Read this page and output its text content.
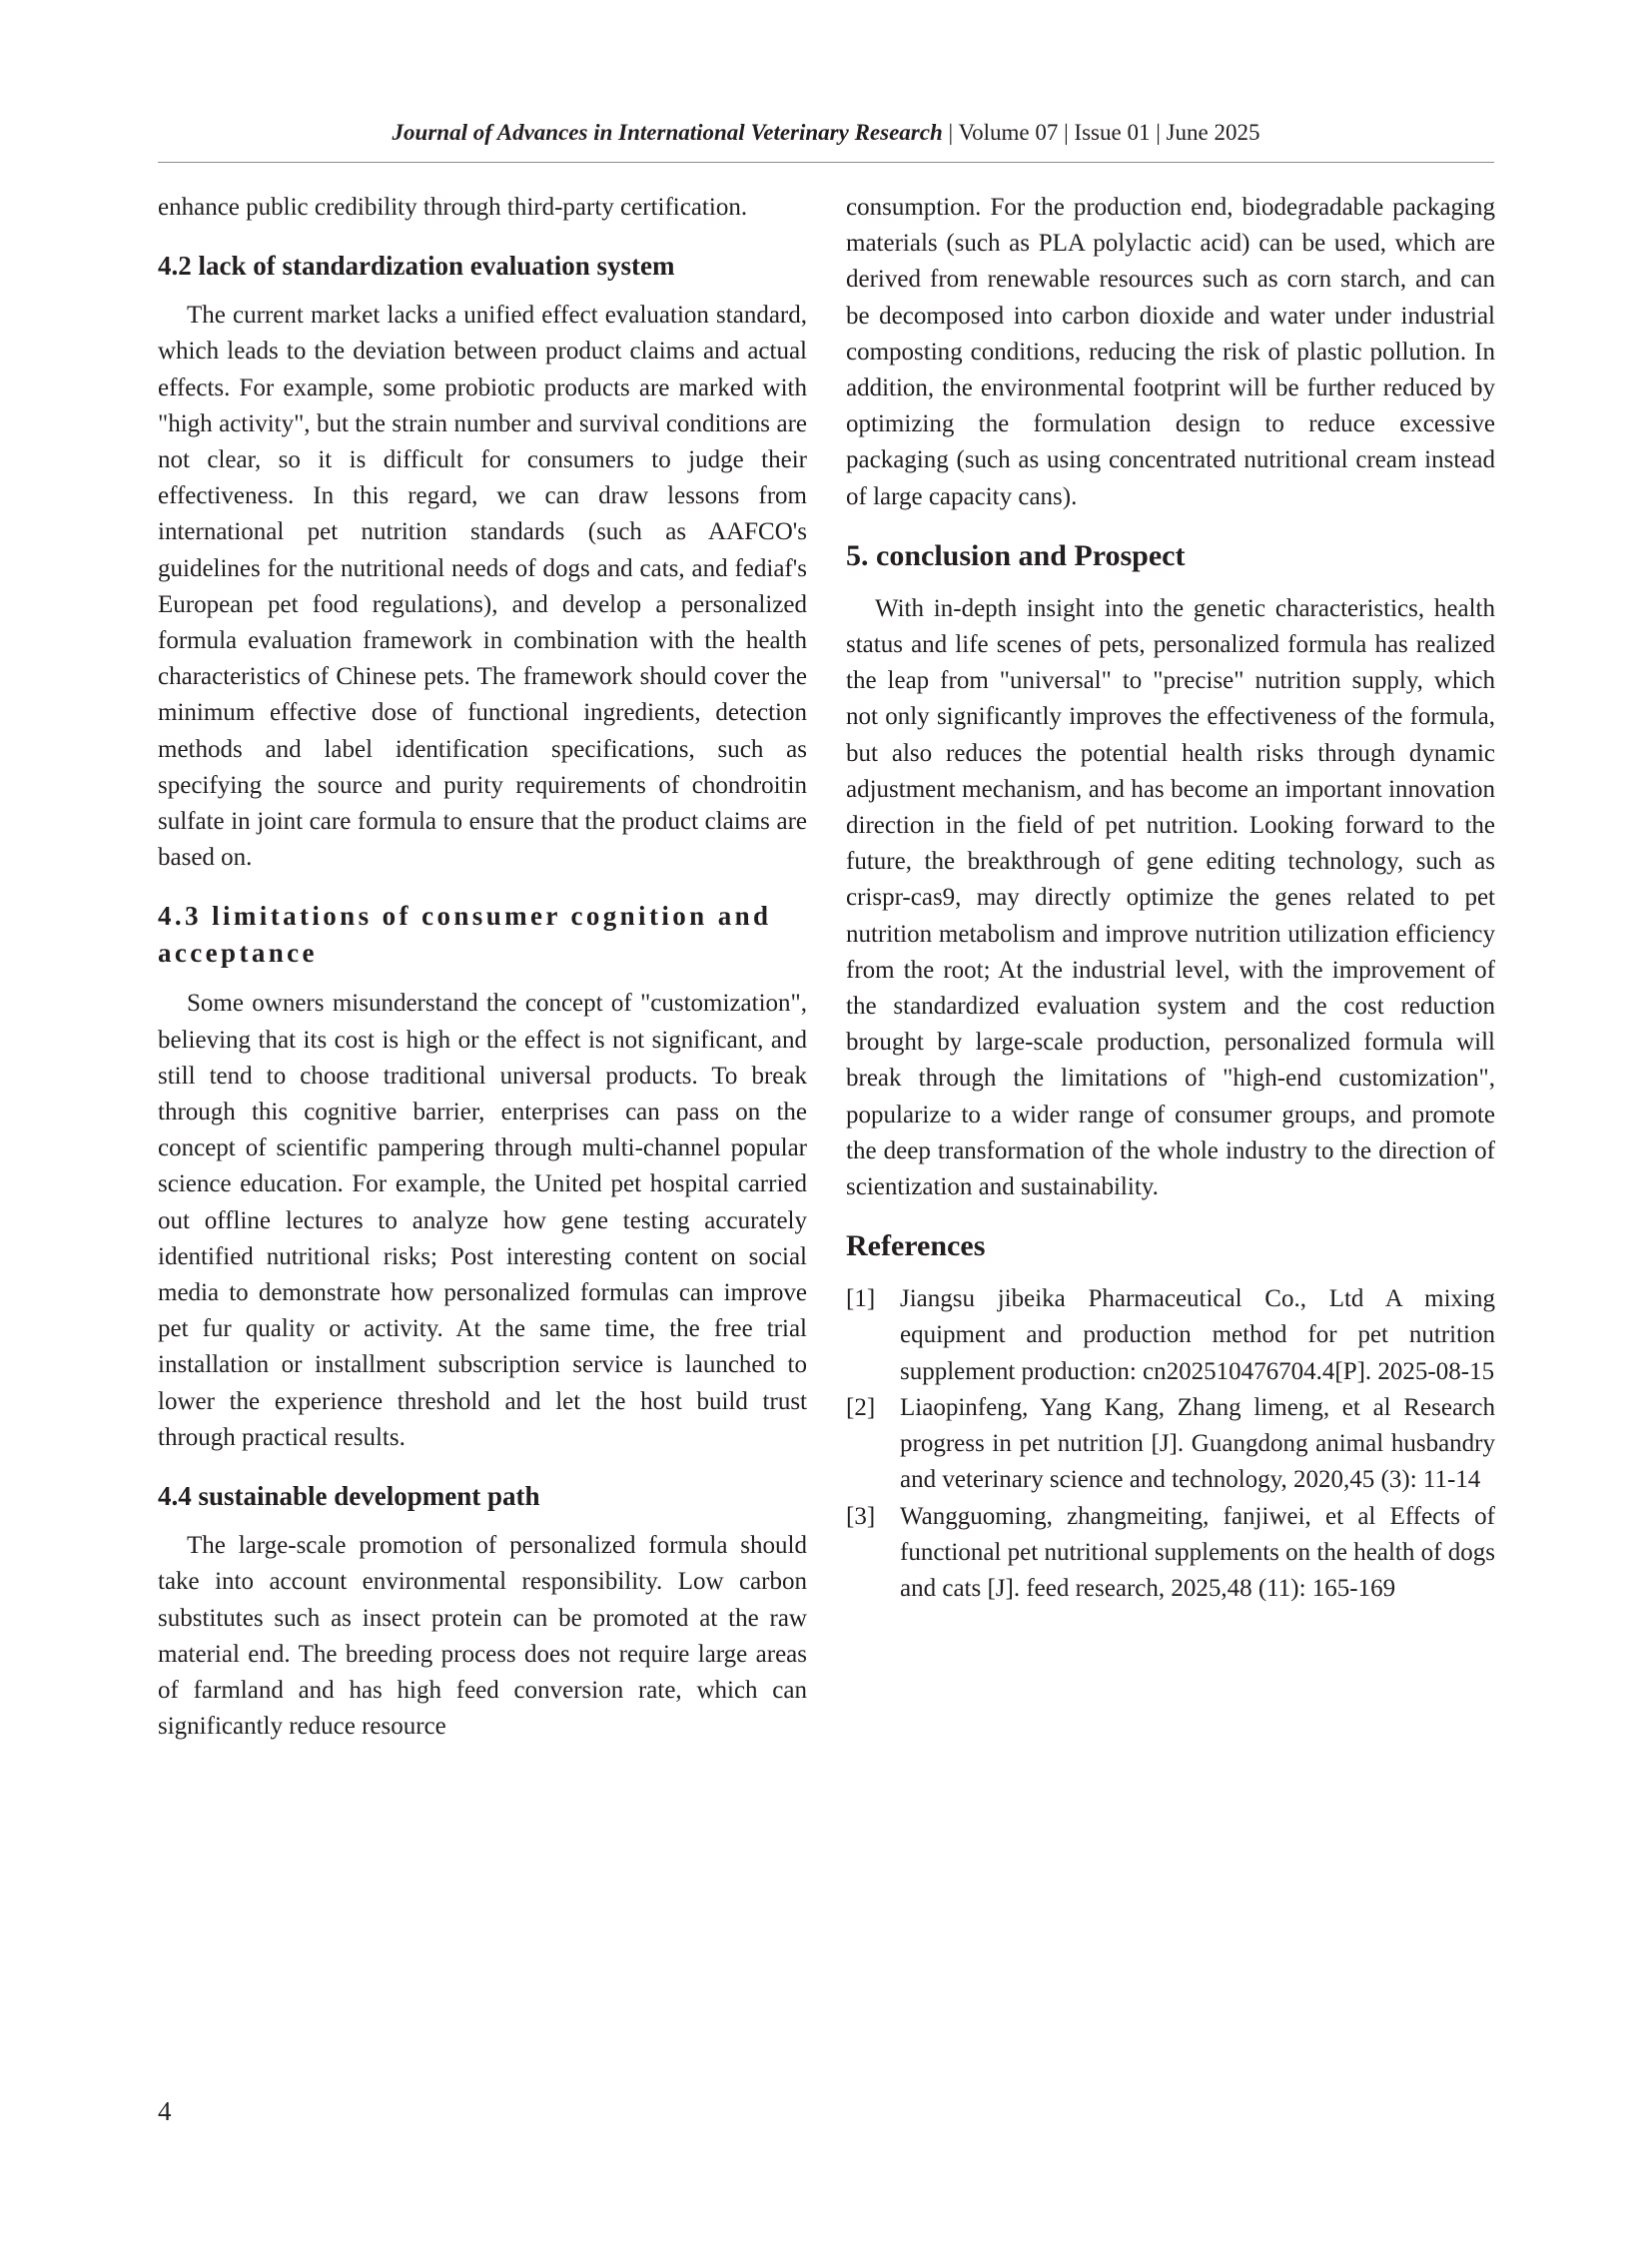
Journal of Advances in International Veterinary Research | Volume 07 | Issue 01 | June 2025

enhance public credibility through third-party certification.

4.2 lack of standardization evaluation system

The current market lacks a unified effect evaluation standard, which leads to the deviation between product claims and actual effects. For example, some probiotic products are marked with "high activity", but the strain number and survival conditions are not clear, so it is difficult for consumers to judge their effectiveness. In this regard, we can draw lessons from international pet nutrition standards (such as AAFCO's guidelines for the nutritional needs of dogs and cats, and fediaf's European pet food regulations), and develop a personalized formula evaluation framework in combination with the health characteristics of Chinese pets. The framework should cover the minimum effective dose of functional ingredients, detection methods and label identification specifications, such as specifying the source and purity requirements of chondroitin sulfate in joint care formula to ensure that the product claims are based on.

4.3 limitations of consumer cognition and acceptance

Some owners misunderstand the concept of "customization", believing that its cost is high or the effect is not significant, and still tend to choose traditional universal products. To break through this cognitive barrier, enterprises can pass on the concept of scientific pampering through multi-channel popular science education. For example, the United pet hospital carried out offline lectures to analyze how gene testing accurately identified nutritional risks; Post interesting content on social media to demonstrate how personalized formulas can improve pet fur quality or activity. At the same time, the free trial installation or installment subscription service is launched to lower the experience threshold and let the host build trust through practical results.

4.4 sustainable development path

The large-scale promotion of personalized formula should take into account environmental responsibility. Low carbon substitutes such as insect protein can be promoted at the raw material end. The breeding process does not require large areas of farmland and has high feed conversion rate, which can significantly reduce resource

consumption. For the production end, biodegradable packaging materials (such as PLA polylactic acid) can be used, which are derived from renewable resources such as corn starch, and can be decomposed into carbon dioxide and water under industrial composting conditions, reducing the risk of plastic pollution. In addition, the environmental footprint will be further reduced by optimizing the formulation design to reduce excessive packaging (such as using concentrated nutritional cream instead of large capacity cans).

5. conclusion and Prospect

With in-depth insight into the genetic characteristics, health status and life scenes of pets, personalized formula has realized the leap from "universal" to "precise" nutrition supply, which not only significantly improves the effectiveness of the formula, but also reduces the potential health risks through dynamic adjustment mechanism, and has become an important innovation direction in the field of pet nutrition. Looking forward to the future, the breakthrough of gene editing technology, such as crispr-cas9, may directly optimize the genes related to pet nutrition metabolism and improve nutrition utilization efficiency from the root; At the industrial level, with the improvement of the standardized evaluation system and the cost reduction brought by large-scale production, personalized formula will break through the limitations of "high-end customization", popularize to a wider range of consumer groups, and promote the deep transformation of the whole industry to the direction of scientization and sustainability.

References
[1] Jiangsu jibeika Pharmaceutical Co., Ltd A mixing equipment and production method for pet nutrition supplement production: cn202510476704.4[P]. 2025-08-15
[2] Liaopinfeng, Yang Kang, Zhang limeng, et al Research progress in pet nutrition [J]. Guangdong animal husbandry and veterinary science and technology, 2020,45 (3): 11-14
[3] Wangguoming, zhangmeiting, fanjiwei, et al Effects of functional pet nutritional supplements on the health of dogs and cats [J]. feed research, 2025,48 (11): 165-169
4
